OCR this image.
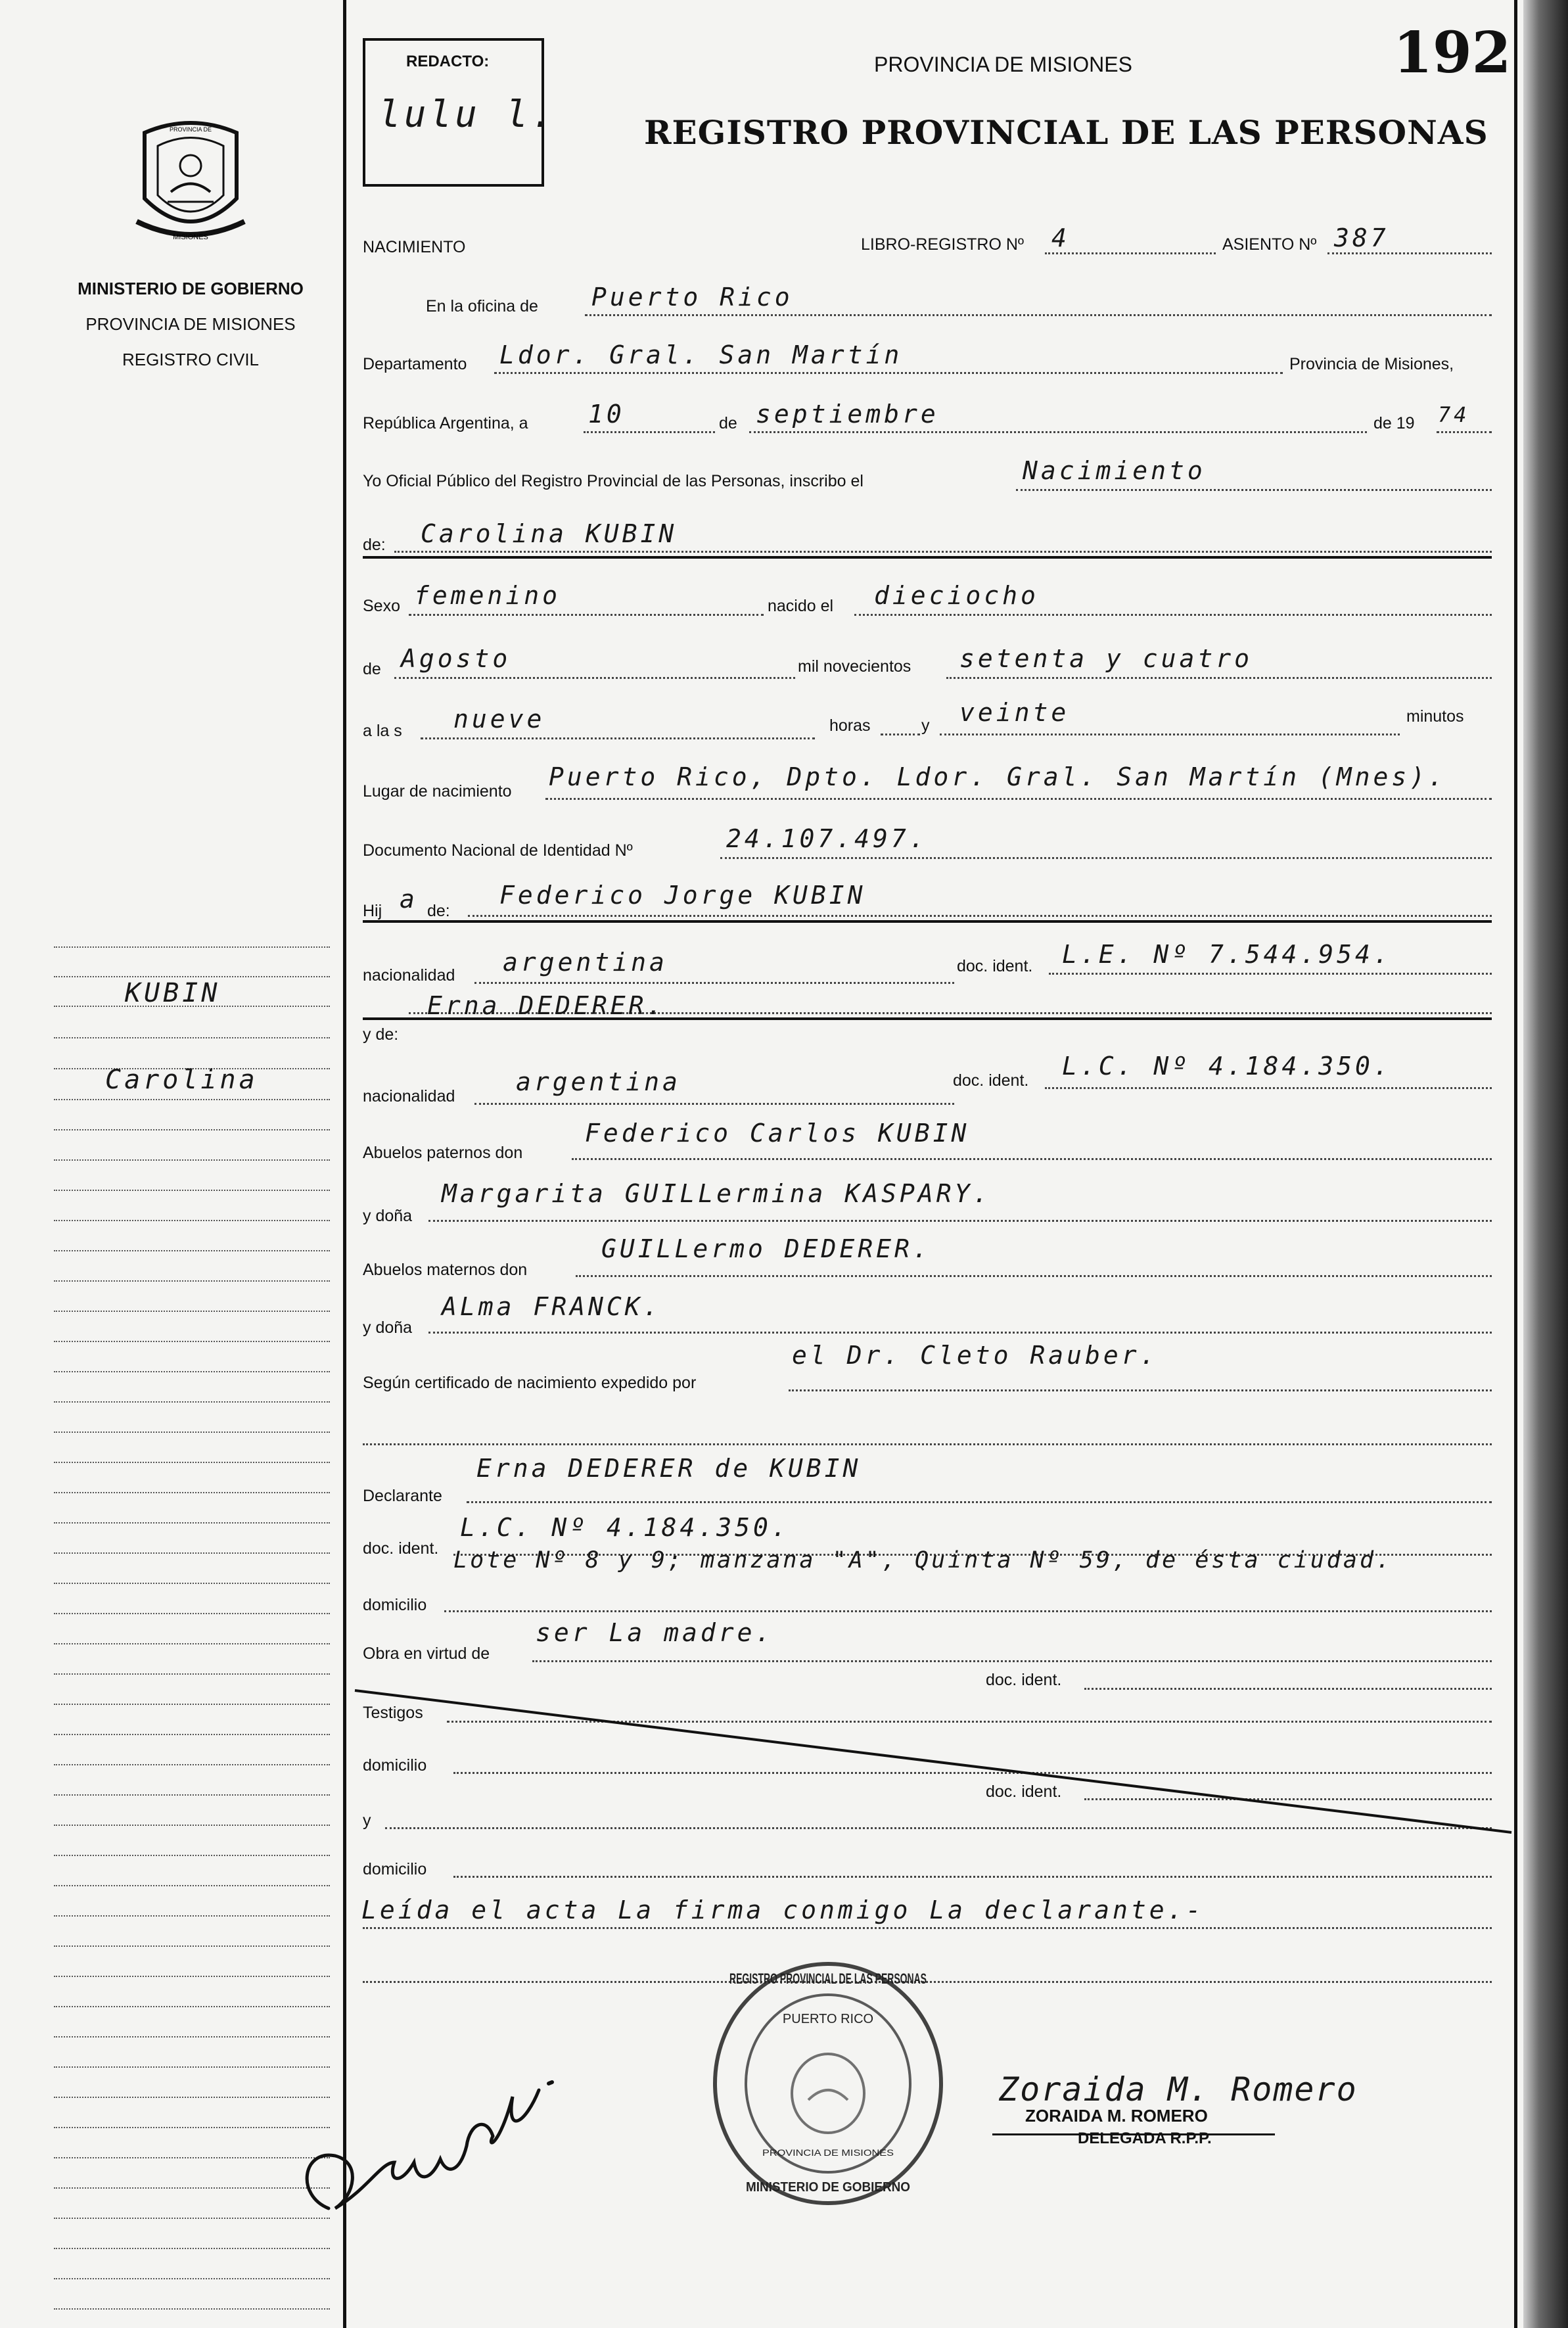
PROVINCIA DE
MISIONES
MINISTERIO DE GOBIERNO
PROVINCIA DE MISIONES
REGISTRO CIVIL
KUBIN
Carolina
REDACTO:
lulu l.
PROVINCIA DE MISIONES
REGISTRO PROVINCIAL DE LAS PERSONAS
192
NACIMIENTO	LIBRO-REGISTRO Nº 4	ASIENTO Nº 387
En la oficina de Puerto Rico
Departamento Ldor. Gral. San Martín	Provincia de Misiones,
República Argentina, a 10	de septiembre	de 19 74
Yo Oficial Público del Registro Provincial de las Personas, inscribo el	Nacimiento
de: Carolina KUBIN
Sexo femenino	nacido el dieciocho
de Agosto	mil novecientos setenta y cuatro
a la s nueve	horas	y veinte	minutos
Lugar de nacimiento Puerto Rico, Dpto. Ldor. Gral. San Martín (Mnes).
Documento Nacional de Identidad Nº	24.107.497.
Hij a de:
Federico Jorge KUBIN
nacionalidad argentina	doc. ident. L.E. Nº 7.544.954.
y de:
Erna DEDERER.
nacionalidad argentina	doc. ident. L.C. Nº 4.184.350.
Abuelos paternos don
Federico Carlos KUBIN
y doña
Margarita GUILLermina KASPARY.
Abuelos maternos don
GUILLermo DEDERER.
y doña
ALma FRANCK.
Según certificado de nacimiento expedido por
el Dr. Cleto Rauber.
Declarante
Erna DEDERER de KUBIN
doc. ident.
L.C. Nº 4.184.350.
domicilio
Lote Nº 8 y 9; manzana "A", Quinta Nº 59, de ésta ciudad.
Obra en virtud de
ser La madre.
doc. ident.
Testigos
domicilio
doc. ident.
y
domicilio
Leída el acta La firma conmigo La declarante.-
REGISTRO PROVINCIAL DE LAS PERSONAS
PUERTO RICO
PROVINCIA DE MISIONES
MINISTERIO DE GOBIERNO
Zoraida M. Romero
ZORAIDA M. ROMERO
DELEGADA R.P.P.
